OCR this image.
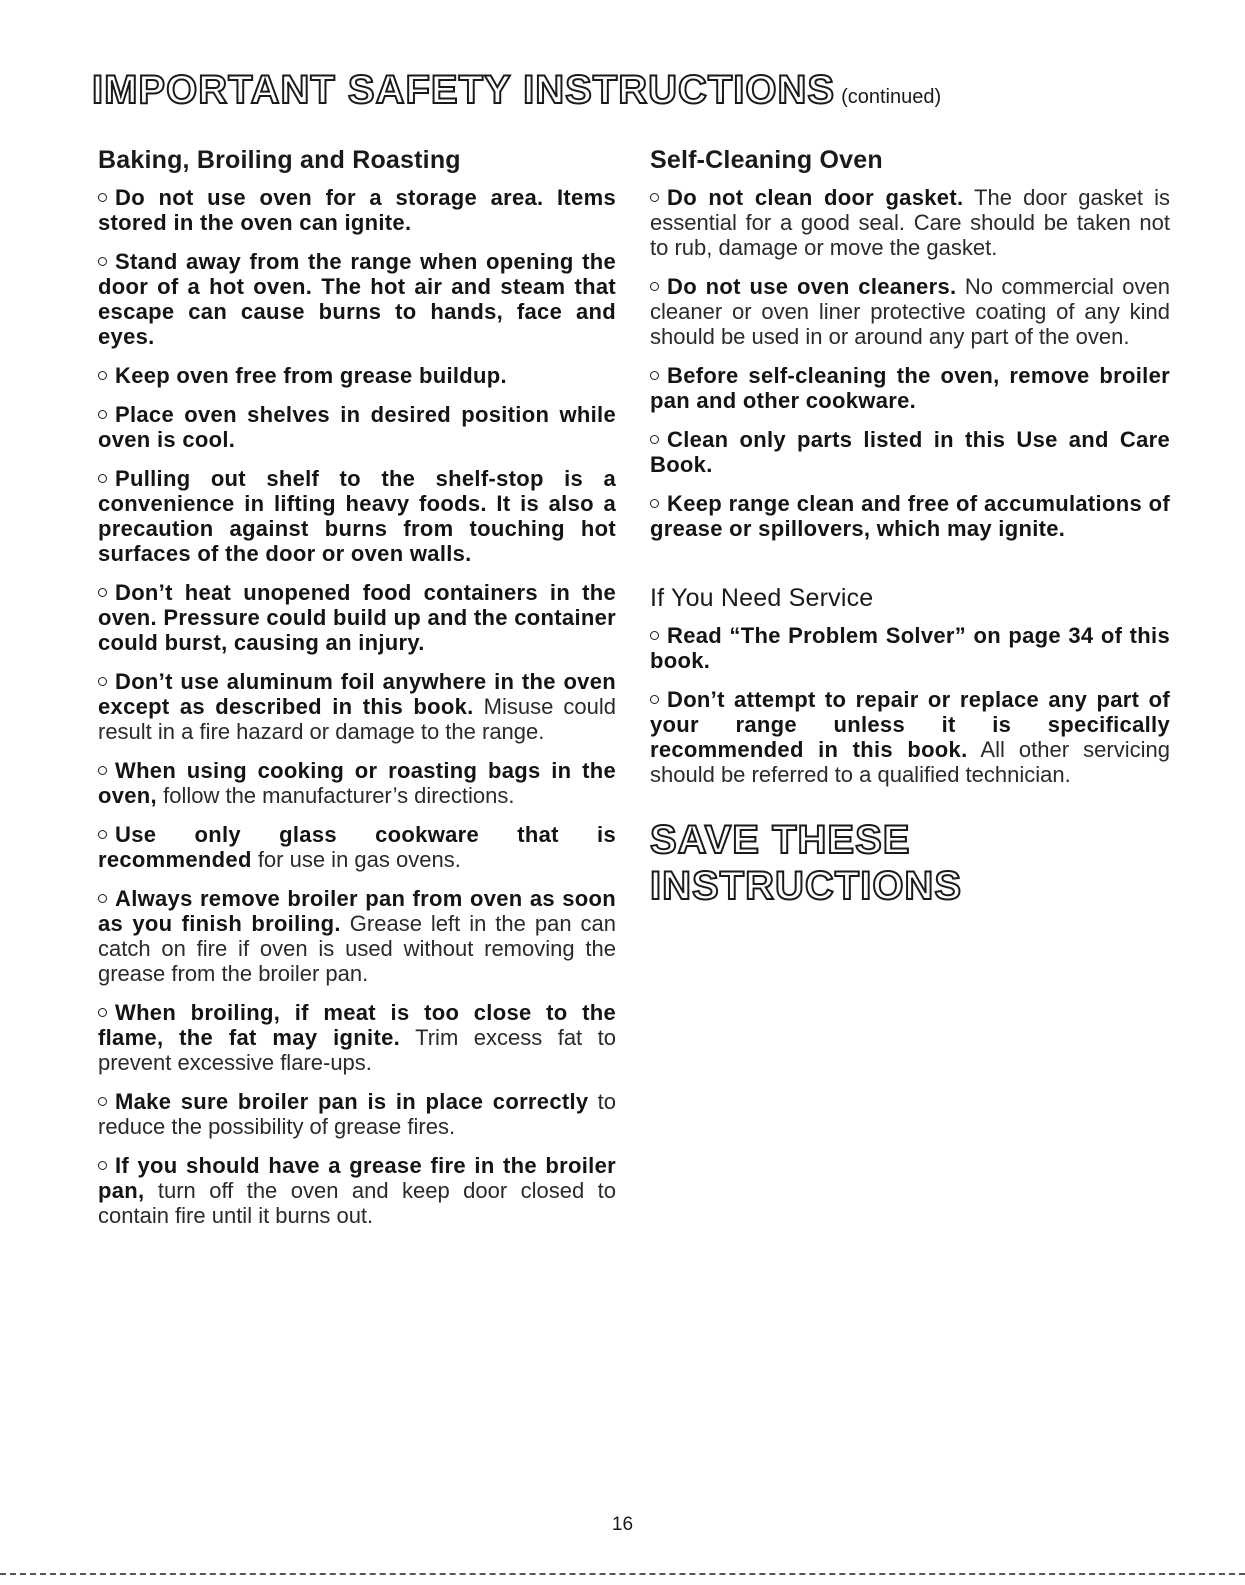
IMPORTANT SAFETY INSTRUCTIONS (continued)
Baking, Broiling and Roasting

Do not use oven for a storage area. Items stored in the oven can ignite.

Stand away from the range when opening the door of a hot oven. The hot air and steam that escape can cause burns to hands, face and eyes.

Keep oven free from grease buildup.

Place oven shelves in desired position while oven is cool.

Pulling out shelf to the shelf-stop is a convenience in lifting heavy foods. It is also a precaution against burns from touching hot surfaces of the door or oven walls.

Don’t heat unopened food containers in the oven. Pressure could build up and the container could burst, causing an injury.

Don’t use aluminum foil anywhere in the oven except as described in this book. Misuse could result in a fire hazard or damage to the range.

When using cooking or roasting bags in the oven, follow the manufacturer’s directions.

Use only glass cookware that is recommended for use in gas ovens.

Always remove broiler pan from oven as soon as you finish broiling. Grease left in the pan can catch on fire if oven is used without removing the grease from the broiler pan.

When broiling, if meat is too close to the flame, the fat may ignite. Trim excess fat to prevent excessive flare-ups.

Make sure broiler pan is in place correctly to reduce the possibility of grease fires.

If you should have a grease fire in the broiler pan, turn off the oven and keep door closed to contain fire until it burns out.

Self-Cleaning Oven

Do not clean door gasket. The door gasket is essential for a good seal. Care should be taken not to rub, damage or move the gasket.

Do not use oven cleaners. No commercial oven cleaner or oven liner protective coating of any kind should be used in or around any part of the oven.

Before self-cleaning the oven, remove broiler pan and other cookware.

Clean only parts listed in this Use and Care Book.

Keep range clean and free of accumulations of grease or spillovers, which may ignite.

If You Need Service

Read “The Problem Solver” on page 34 of this book.

Don’t attempt to repair or replace any part of your range unless it is specifically recommended in this book. All other servicing should be referred to a qualified technician.

SAVE THESE
INSTRUCTIONS
16
